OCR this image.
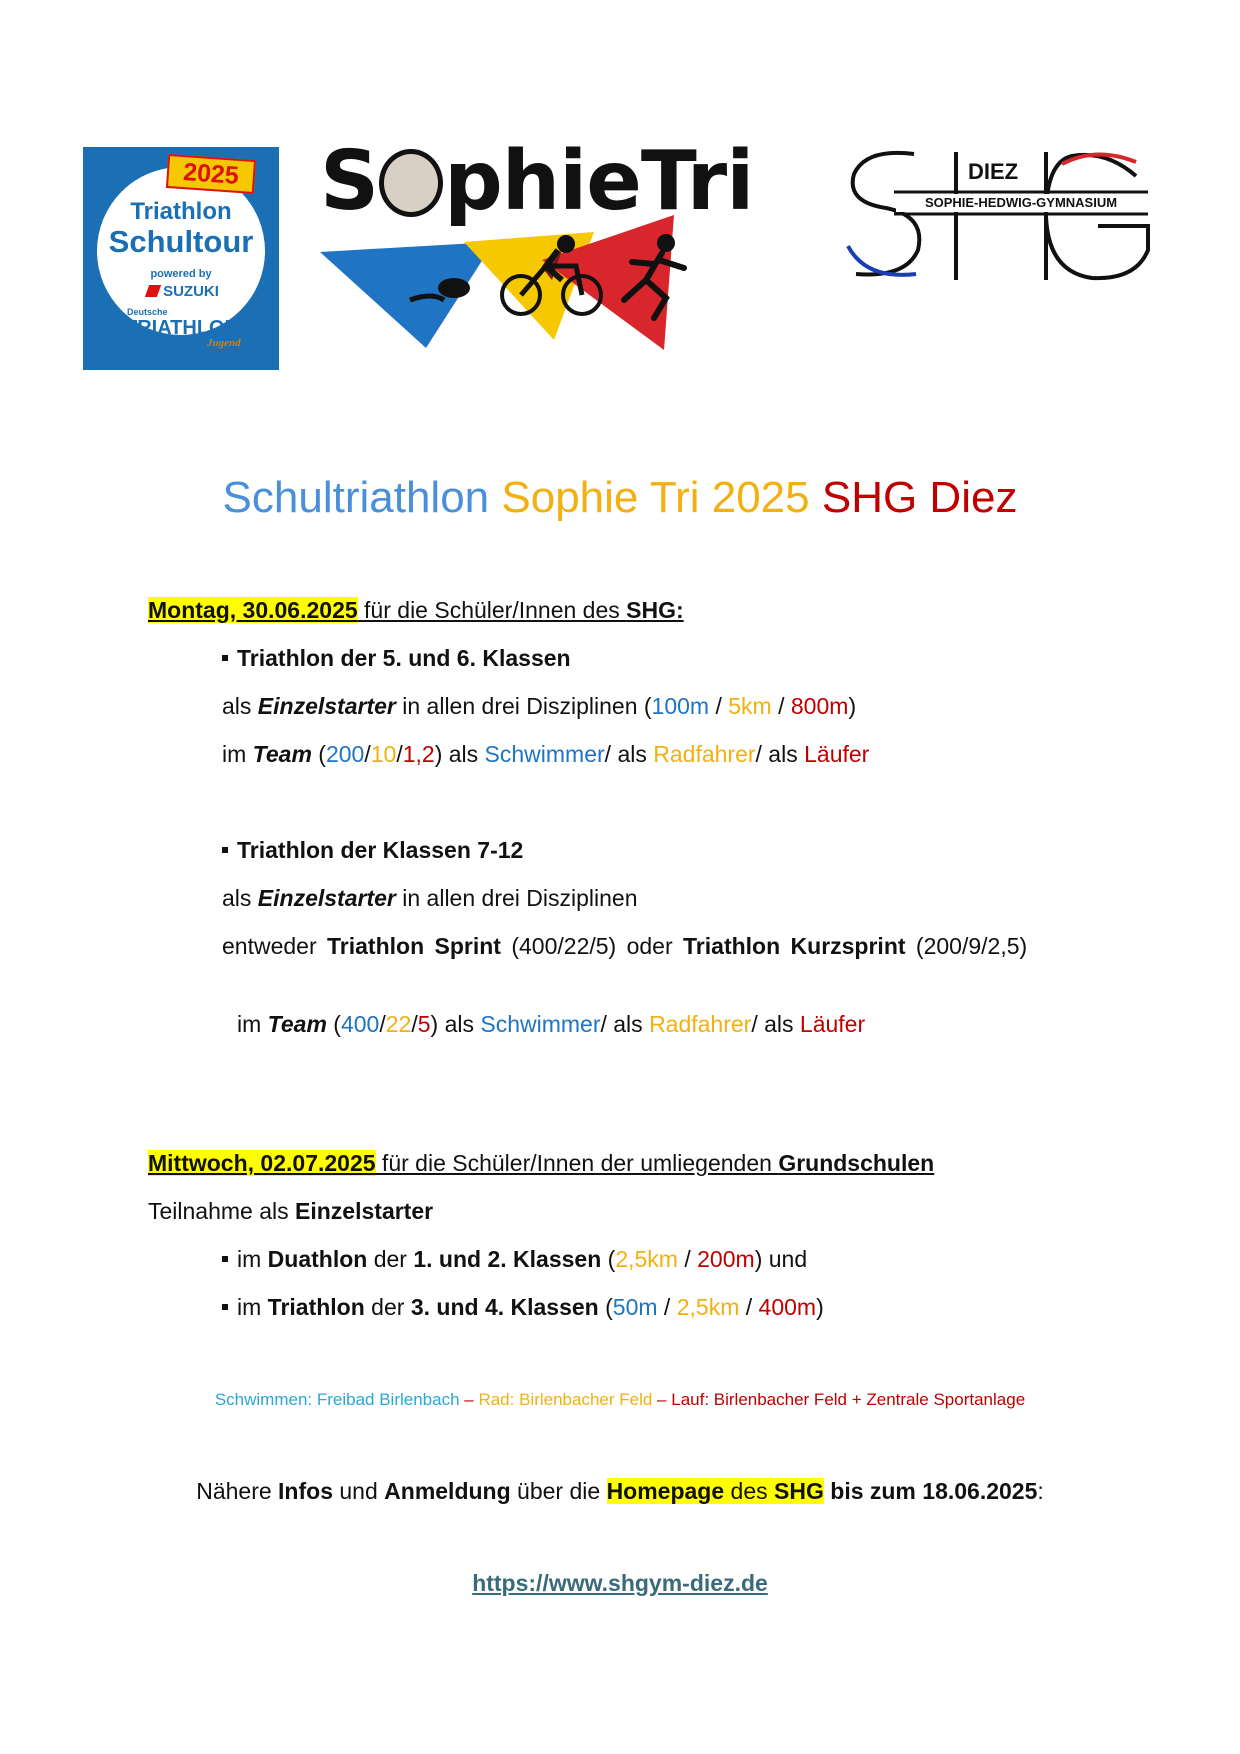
2025
Triathlon
Schultour
powered by
SUZUKI
Deutsche
TRIATHLON
Jugend
S phieTri	DIEZ
SOPHIE-HEDWIG-GYMNASIUM
Schultriathlon Sophie Tri 2025 SHG Diez
Montag, 30.06.2025 für die Schüler/Innen des SHG:
Triathlon der 5. und 6. Klassen
als Einzelstarter in allen drei Disziplinen (100m / 5km / 800m)
im Team (200/10/1,2) als Schwimmer/ als Radfahrer/ als Läufer
Triathlon der Klassen 7-12
als Einzelstarter in allen drei Disziplinen
entweder Triathlon Sprint (400/22/5) oder Triathlon Kurzsprint (200/9/2,5)
im Team (400/22/5) als Schwimmer/ als Radfahrer/ als Läufer
Mittwoch, 02.07.2025 für die Schüler/Innen der umliegenden Grundschulen
Teilnahme als Einzelstarter
im Duathlon der 1. und 2. Klassen (2,5km / 200m) und
im Triathlon der 3. und 4. Klassen (50m / 2,5km / 400m)
Schwimmen: Freibad Birlenbach – Rad: Birlenbacher Feld – Lauf: Birlenbacher Feld + Zentrale Sportanlage
Nähere Infos und Anmeldung über die Homepage des SHG bis zum 18.06.2025:
https://www.shgym-diez.de
